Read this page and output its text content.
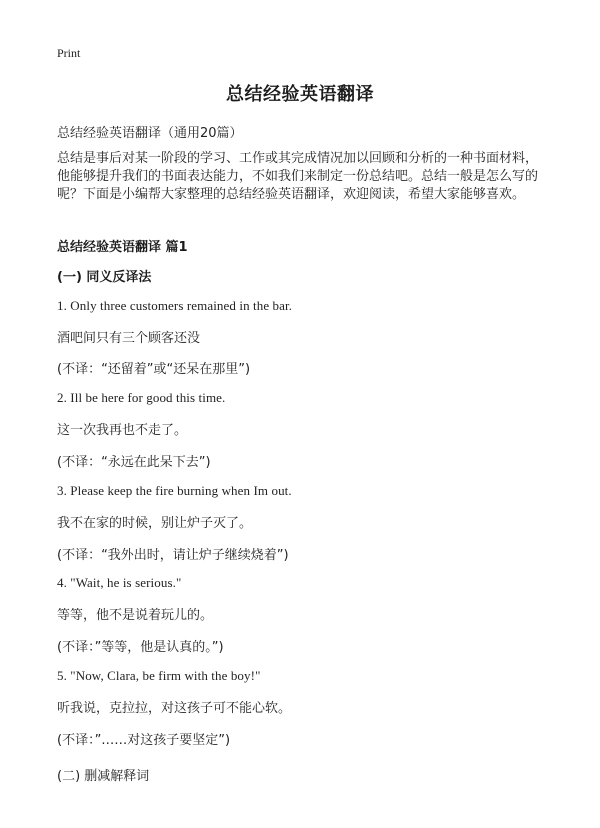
Print
总结经验英语翻译
总结经验英语翻译（通用20篇）
总结是事后对某一阶段的学习、工作或其完成情况加以回顾和分析的一种书面材料，他能够提升我们的书面表达能力，不如我们来制定一份总结吧。总结一般是怎么写的呢？下面是小编帮大家整理的总结经验英语翻译，欢迎阅读，希望大家能够喜欢。
总结经验英语翻译 篇1
(一) 同义反译法
1. Only three customers remained in the bar.
酒吧间只有三个顾客还没
(不译：“还留着”或“还呆在那里”)
2. Ill be here for good this time.
这一次我再也不走了。
(不译：“永远在此呆下去”)
3. Please keep the fire burning when Im out.
我不在家的时候，别让炉子灭了。
(不译：“我外出时，请让炉子继续烧着”)
4. "Wait, he is serious."
等等，他不是说着玩儿的。
(不译：”等等，他是认真的。”)
5. "Now, Clara, be firm with the boy!"
听我说，克拉拉，对这孩子可不能心软。
(不译：”……对这孩子要坚定”)
(二) 删减解释词
